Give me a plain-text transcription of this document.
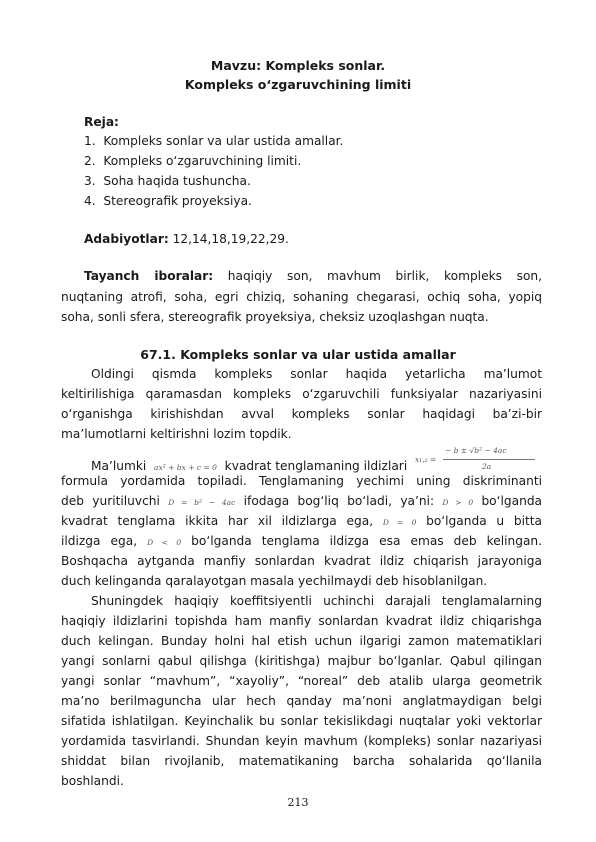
Mavzu: Kompleks sonlar.
Kompleks o‘zgaruvchining limiti
Reja:
1. Kompleks sonlar va ular ustida amallar.
2. Kompleks o‘zgaruvchining limiti.
3. Soha haqida tushuncha.
4. Stereografik proyeksiya.
Adabiyotlar: 12,14,18,19,22,29.
Tayanch iboralar: haqiqiy son, mavhum birlik, kompleks son,
nuqtaning atrofi, soha, egri chiziq, sohaning chegarasi, ochiq soha, yopiq
soha, sonli sfera, stereografik proyeksiya, cheksiz uzoqlashgan nuqta.
67.1. Kompleks sonlar va ular ustida amallar
Oldingi qismda kompleks sonlar haqida yetarlicha ma’lumot
keltirilishiga qaramasdan kompleks o‘zgaruvchili funksiyalar nazariyasini
o‘rganishga kirishishdan avval kompleks sonlar haqidagi ba’zi-bir
ma’lumotlarni keltirishni lozim topdik.
Ma’lumki ax² + bx + c = 0 kvadrat tenglamaning ildizlari x₁,₂ =
− b ± √b² − 4ac
2a
formula yordamida topiladi. Tenglamaning yechimi uning diskriminanti
deb yuritiluvchi D = b² − 4ac ifodaga bog‘liq bo‘ladi, ya’ni: D > 0 bo‘lganda
kvadrat tenglama ikkita har xil ildizlarga ega, D = 0 bo‘lganda u bitta
ildizga ega, D < 0 bo‘lganda tenglama ildizga esa emas deb kelingan.
Boshqacha aytganda manfiy sonlardan kvadrat ildiz chiqarish jarayoniga
duch kelinganda qaralayotgan masala yechilmaydi deb hisoblanilgan.
Shuningdek haqiqiy koeffitsiyentli uchinchi darajali tenglamalarning
haqiqiy ildizlarini topishda ham manfiy sonlardan kvadrat ildiz chiqarishga
duch kelingan. Bunday holni hal etish uchun ilgarigi zamon matematiklari
yangi sonlarni qabul qilishga (kiritishga) majbur bo‘lganlar. Qabul qilingan
yangi sonlar “mavhum”, “xayoliy”, “noreal” deb atalib ularga geometrik
ma’no berilmaguncha ular hech qanday ma’noni anglatmaydigan belgi
sifatida ishlatilgan. Keyinchalik bu sonlar tekislikdagi nuqtalar yoki vektorlar
yordamida tasvirlandi. Shundan keyin mavhum (kompleks) sonlar nazariyasi
shiddat bilan rivojlanib, matematikaning barcha sohalarida qo‘llanila
boshlandi.
213
